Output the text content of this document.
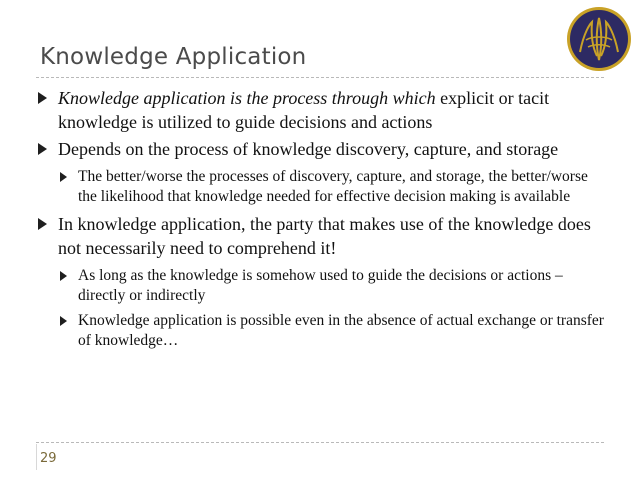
Knowledge Application

Knowledge application is the process through which explicit or tacit knowledge is utilized to guide decisions and actions

Depends on the process of knowledge discovery, capture, and storage

The better/worse the processes of discovery, capture, and storage, the better/worse the likelihood that knowledge needed for effective decision making is available

In knowledge application, the party that makes use of the knowledge does not necessarily need to comprehend it!

As long as the knowledge is somehow used to guide the decisions or actions – directly or indirectly

Knowledge application is possible even in the absence of actual exchange or transfer of knowledge…

29
